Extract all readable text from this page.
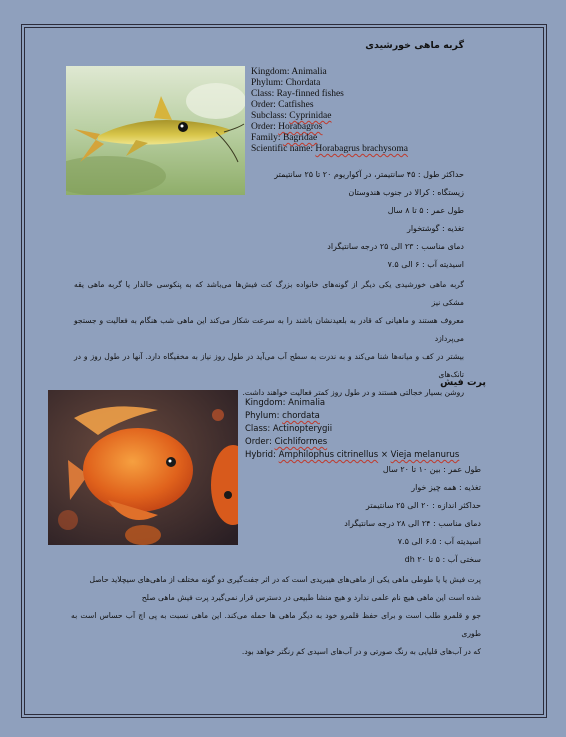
گربه ماهی خورشیدی
Kingdom: Animalia
Phylum: Chordata
Class: Ray-finned fishes
Order: Catfishes
Subclass: Cyprinidae
Order: Horabagros
Family: Bagridae
Scientific name: Horabagrus brachysoma
حداکثر طول : ۴۵ سانتیمتر، در آکواریوم ۲۰ تا ۲۵ سانتیمتر
زیستگاه : کرالا در جنوب هندوستان
طول عمر : ۵ تا ۸ سال
تغذیه : گوشتخوار
دمای مناسب : ۲۳ الی ۲۵ درجه سانتیگراد
اسیدیته آب : ۶ الی ۷.۵
گربه ماهی خورشیدی یکی دیگر از گونه‌های خانواده بزرگ کت فیش‌ها می‌باشد که به پنکوسی خالدار یا گربه ماهی یقه مشکی نیز
معروف هستند و ماهیانی که قادر به بلعیدنشان باشند را به سرعت شکار می‌کند این ماهی شب هنگام به فعالیت و جستجو می‌پردازد
بیشتر در کف و میانه‌ها شنا می‌کند و به ندرت به سطح آب می‌آید در طول روز نیاز به مخفیگاه دارد. آنها در طول روز و در تانک‌های
روشن بسیار خجالتی هستند و در طول روز کمتر فعالیت خواهند داشت.
پرت فیش
Kingdom: Animalia
Phylum: chordata
Class: Actinopterygii
Order: Cichliformes
Hybrid: Amphilophus citrinellus × Vieja melanurus
طول عمر : بین ۱۰ تا ۲۰ سال
تغذیه : همه چیز خوار
حداکثر اندازه : ۲۰ الی ۲۵ سانتیمتر
دمای مناسب : ۲۴ الی ۲۸ درجه سانتیگراد
اسیدیته آب : ۶.۵ الی ۷.۵
سختی آب : ۵ تا ۲۰ dh
پرت فیش یا یا طوطی ماهی یکی از ماهی‌های هیبریدی است که در اثر جفت‌گیری دو گونه مختلف از ماهی‌های سیچلاید حاصل
شده است این ماهی هیچ نام علمی ندارد و هیچ منشا طبیعی در دسترس قرار نمی‌گیرد پرت فیش ماهی صلح
جو و قلمرو طلب است و برای حفظ قلمرو خود به دیگر ماهی ها حمله می‌کند. این ماهی نسبت به پی اچ آب حساس است به طوری
که در آب‌های قلیایی به رنگ صورتی و در آب‌های اسیدی کم رنگتر خواهد بود.
